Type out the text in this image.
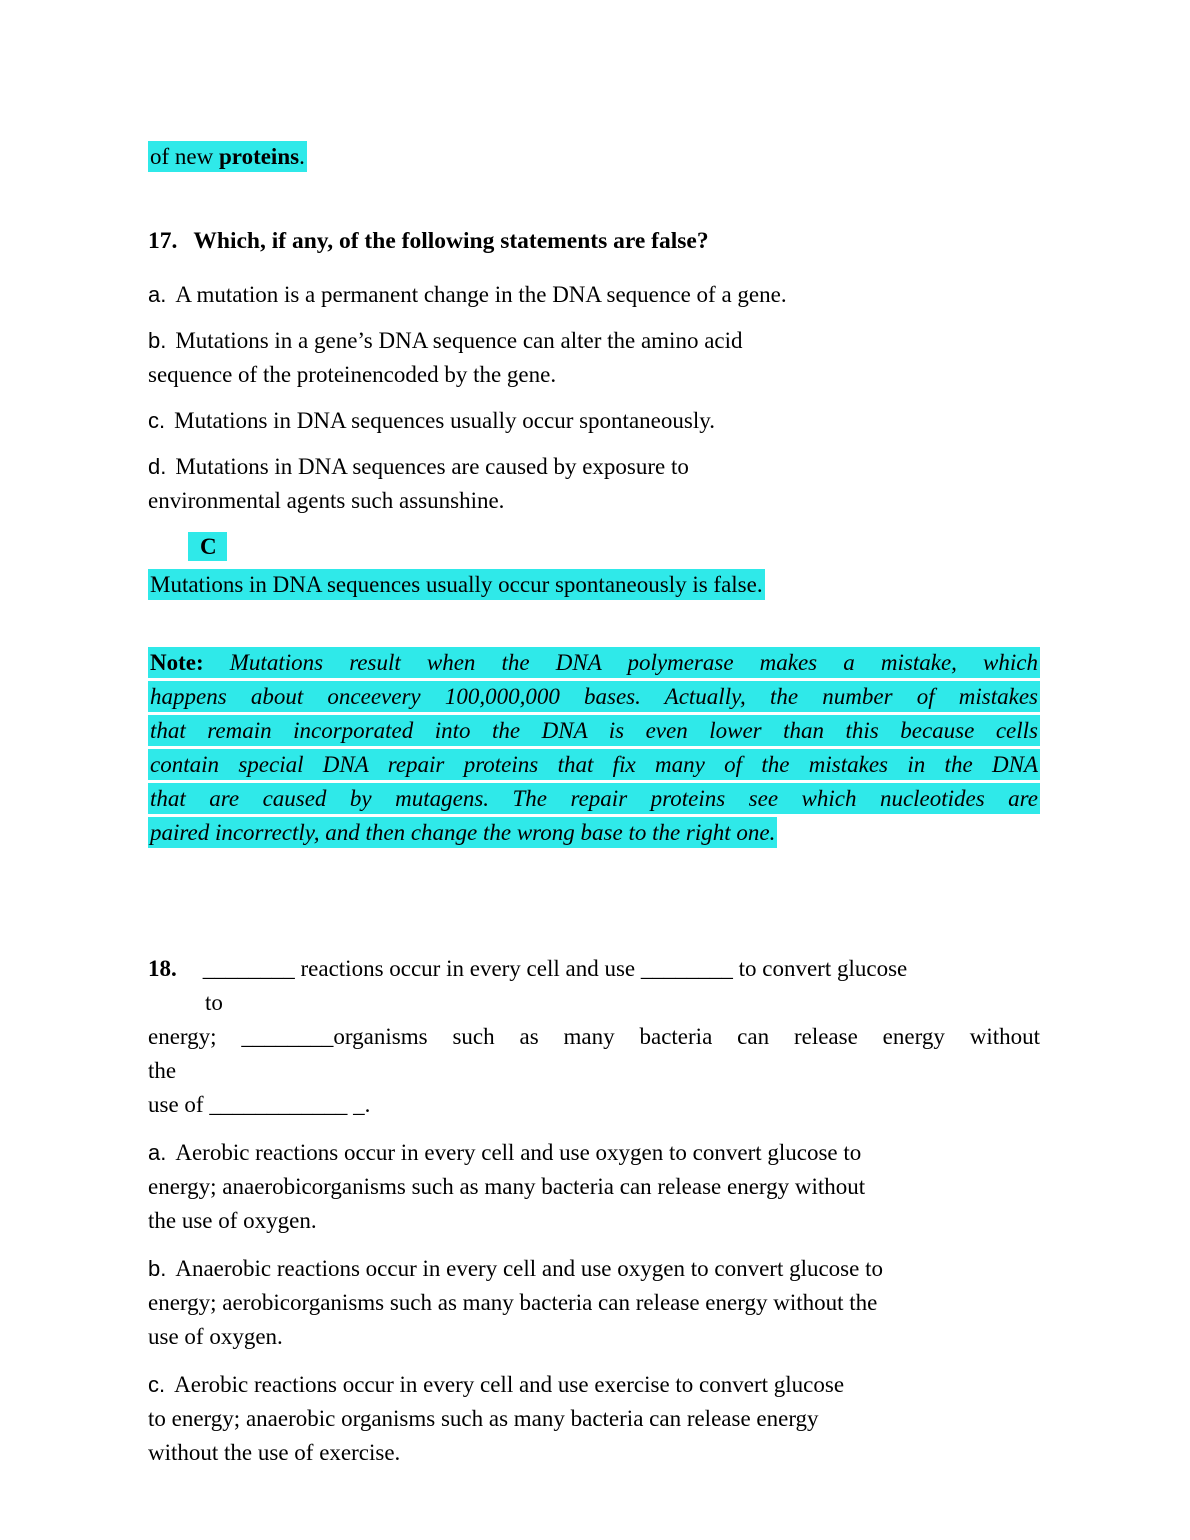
of new proteins.

17. Which, if any, of the following statements are false?

a. A mutation is a permanent change in the DNA sequence of a gene.

b. Mutations in a gene’s DNA sequence can alter the amino acid
sequence of the proteinencoded by the gene.

c. Mutations in DNA sequences usually occur spontaneously.

d. Mutations in DNA sequences are caused by exposure to
environmental agents such assunshine.

C
Mutations in DNA sequences usually occur spontaneously is false.
Note: Mutations result when the DNA polymerase makes a mistake, which
happens about onceevery 100,000,000 bases. Actually, the number of mistakes
that remain incorporated into the DNA is even lower than this because cells
contain special DNA repair proteins that fix many of the mistakes in the DNA
that are caused by mutagens. The repair proteins see which nucleotides are
paired incorrectly, and then change the wrong base to the right one.
18. ________ reactions occur in every cell and use ________ to convert glucose
to
energy; ________organisms such as many bacteria can release energy without
the
use of ____________ _.

a. Aerobic reactions occur in every cell and use oxygen to convert glucose to
energy; anaerobicorganisms such as many bacteria can release energy without
the use of oxygen.

b. Anaerobic reactions occur in every cell and use oxygen to convert glucose to
energy; aerobicorganisms such as many bacteria can release energy without the
use of oxygen.

c. Aerobic reactions occur in every cell and use exercise to convert glucose
to energy; anaerobic organisms such as many bacteria can release energy
without the use of exercise.
